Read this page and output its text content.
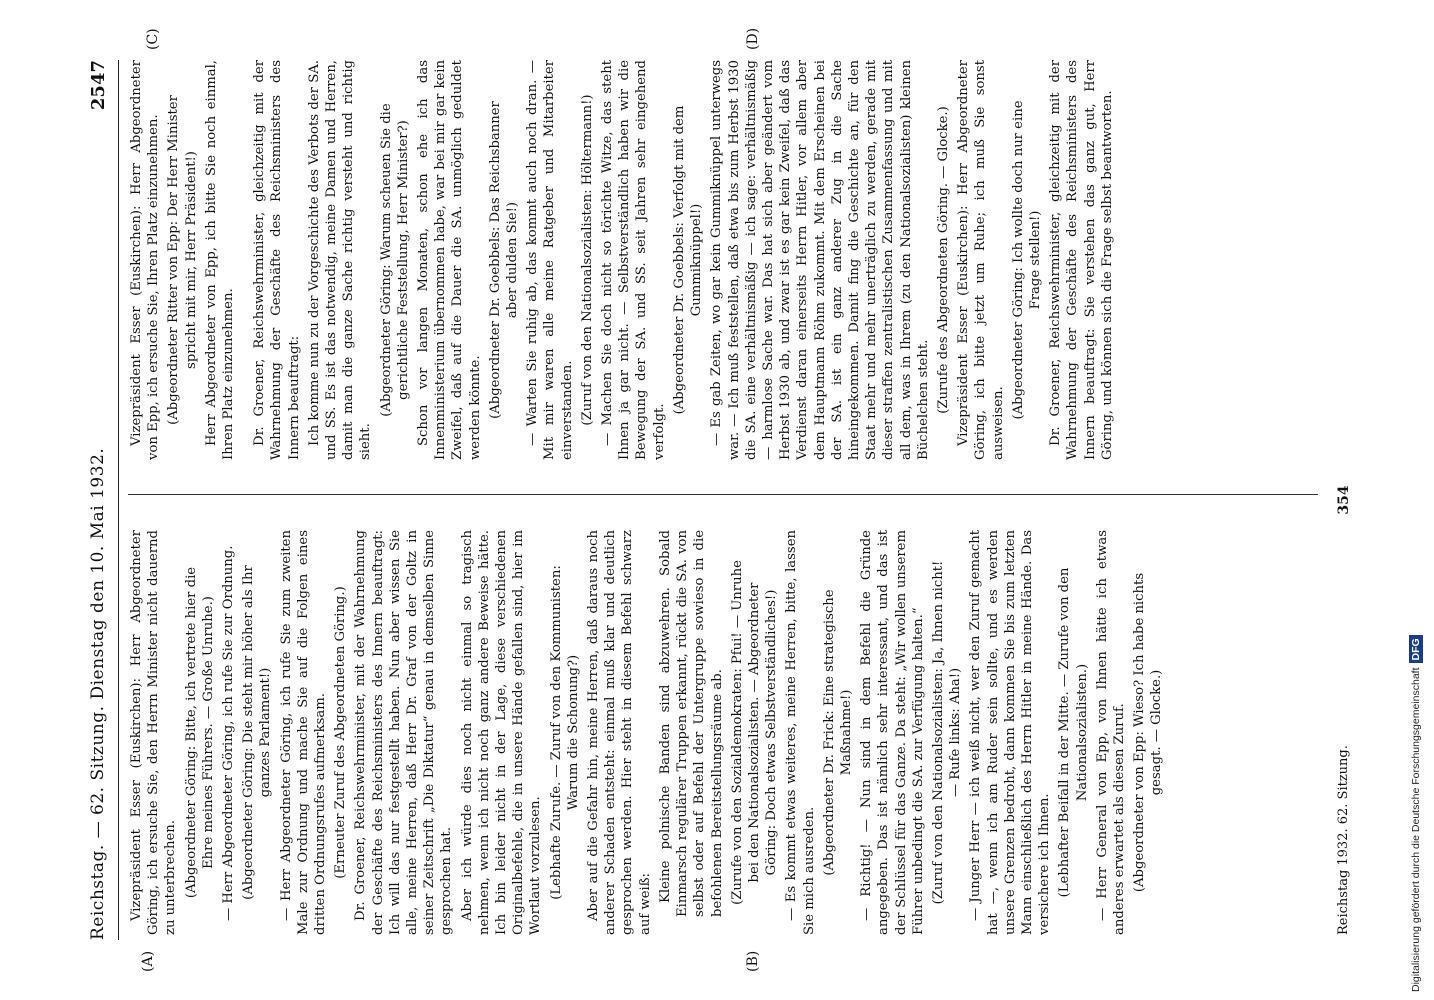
Reichstag. — 62. Sitzung. Dienstag den 10. Mai 1932.
2547
(A)	(B)
(C)	(D)

Vizepräsident Esser (Euskirchen): Herr Abgeordneter Göring, ich ersuche Sie, den Herrn Minister nicht dauernd zu unterbrechen. (Abgeordneter Göring: Bitte, ich vertrete hier die Ehre meines Führers. — Große Unruhe.) — Herr Abgeordneter Göring, ich rufe Sie zur Ordnung. (Abgeordneter Göring: Die steht mir höher als Ihr ganzes Parlament!) — Herr Abgeordneter Göring, ich rufe Sie zum zweiten Male zur Ordnung und mache Sie auf die Folgen eines dritten Ordnungsrufes aufmerksam. (Erneuter Zuruf des Abgeordneten Göring.) Dr. Groener, Reichswehrminister, mit der Wahrnehmung der Geschäfte des Reichsministers des Innern beauftragt: Ich will das nur festgestellt haben. Nun aber wissen Sie alle, meine Herren, daß Herr Dr. Graf von der Goltz in seiner Zeitschrift „Die Diktatur“ genau in demselben Sinne gesprochen hat. Aber ich würde dies noch nicht einmal so tragisch nehmen, wenn ich nicht noch ganz andere Beweise hätte. Ich bin leider nicht in der Lage, diese verschiedenen Originalbefehle, die in unsere Hände gefallen sind, hier im Wortlaut vorzulesen. (Lebhafte Zurufe. — Zuruf von den Kommunisten: Warum die Schonung?) Aber auf die Gefahr hin, meine Herren, daß daraus noch anderer Schaden entsteht: einmal muß klar und deutlich gesprochen werden. Hier steht in diesem Befehl schwarz auf weiß:

Kleine polnische Banden sind abzuwehren. Sobald Einmarsch regulärer Truppen erkannt, rückt die SA. von selbst oder auf Befehl der Untergruppe sowieso in die befohlenen Bereitstellungsräume ab. (Zurufe von den Sozialdemokraten: Pfui! — Unruhe bei den Nationalsozialisten. — Abgeordneter Göring: Doch etwas Selbstverständliches!) — Es kommt etwas weiteres, meine Herren, bitte, lassen Sie mich ausreden. (Abgeordneter Dr. Frick: Eine strategische Maßnahme!) — Richtig! — Nun sind in dem Befehl die Gründe angegeben. Das ist nämlich sehr interessant, und das ist der Schlüssel für das Ganze. Da steht: „Wir wollen unserem Führer unbedingt die SA. zur Verfügung halten.“ (Zuruf von den Nationalsozialisten: Ja, Ihnen nicht! — Rufe links: Aha!) — Junger Herr — ich weiß nicht, wer den Zuruf gemacht hat —, wenn ich am Ruder sein sollte, und es werden unsere Grenzen bedroht, dann kommen Sie bis zum letzten Mann einschließlich des Herrn Hitler in meine Hände. Das versichere ich Ihnen. (Lebhafter Beifall in der Mitte. — Zurufe von den Nationalsozialisten.) — Herr General von Epp, von Ihnen hätte ich etwas anderes erwartet als diesen Zuruf. (Abgeordneter von Epp: Wieso? Ich habe nichts gesagt. — Glocke.)

Vizepräsident Esser (Euskirchen): Herr Abgeordneter von Epp, ich ersuche Sie, Ihren Platz einzunehmen. (Abgeordneter Ritter von Epp: Der Herr Minister spricht mit mir, Herr Präsident!) Herr Abgeordneter von Epp, ich bitte Sie noch einmal, Ihren Platz einzunehmen. Dr. Groener, Reichswehrminister, gleichzeitig mit der Wahrnehmung der Geschäfte des Reichsministers des Innern beauftragt: Ich komme nun zu der Vorgeschichte des Verbots der SA. und SS. Es ist das notwendig, meine Damen und Herren, damit man die ganze Sache richtig versteht und richtig sieht.

(Abgeordneter Göring: Warum scheuen Sie die gerichtliche Feststellung, Herr Minister?) Schon vor langen Monaten, schon ehe ich das Innenministerium übernommen habe, war bei mir gar kein Zweifel, daß auf die Dauer die SA. unmöglich geduldet werden könnte. (Abgeordneter Dr. Goebbels: Das Reichsbanner aber dulden Sie!) — Warten Sie ruhig ab, das kommt auch noch dran. — Mit mir waren alle meine Ratgeber und Mitarbeiter einverstanden. (Zuruf von den Nationalsozialisten: Höltermann!) — Machen Sie doch nicht so törichte Witze, das steht Ihnen ja gar nicht. — Selbstverständlich haben wir die Bewegung der SA. und SS. seit Jahren sehr eingehend verfolgt.

(Abgeordneter Dr. Goebbels: Verfolgt mit dem Gummiknüppel!) — Es gab Zeiten, wo gar kein Gummiknüppel unterwegs war. — Ich muß feststellen, daß etwa bis zum Herbst 1930 die SA. eine verhältnismäßig — ich sage: verhältnismäßig — harmlose Sache war. Das hat sich aber geändert vom Herbst 1930 ab, und zwar ist es gar kein Zweifel, daß das Verdienst daran einerseits Herrn Hitler, vor allem aber dem Hauptmann Röhm zukommt. Mit dem Erscheinen bei der SA. ist ein ganz anderer Zug in die Sache hineingekommen. Damit fing die Geschichte an, für den Staat mehr und mehr unerträglich zu werden, gerade mit dieser straffen zentralistischen Zusammenfassung und mit all dem, was in Ihrem (zu den Nationalsozialisten) kleinen Büchelchen steht. (Zurufe des Abgeordneten Göring. — Glocke.) Vizepräsident Esser (Euskirchen): Herr Abgeordneter Göring, ich bitte jetzt um Ruhe; ich muß Sie sonst ausweisen.

(Abgeordneter Göring: Ich wollte doch nur eine Frage stellen!) Dr. Groener, Reichswehrminister, gleichzeitig mit der Wahrnehmung der Geschäfte des Reichsministers des Innern beauftragt: Sie verstehen das ganz gut, Herr Göring, und können sich die Frage selbst beantworten.

Reichstag 1932. 62. Sitzung.
354
Digitalisierung gefördert durch die Deutsche ForschungsgemeinschaftDFG
